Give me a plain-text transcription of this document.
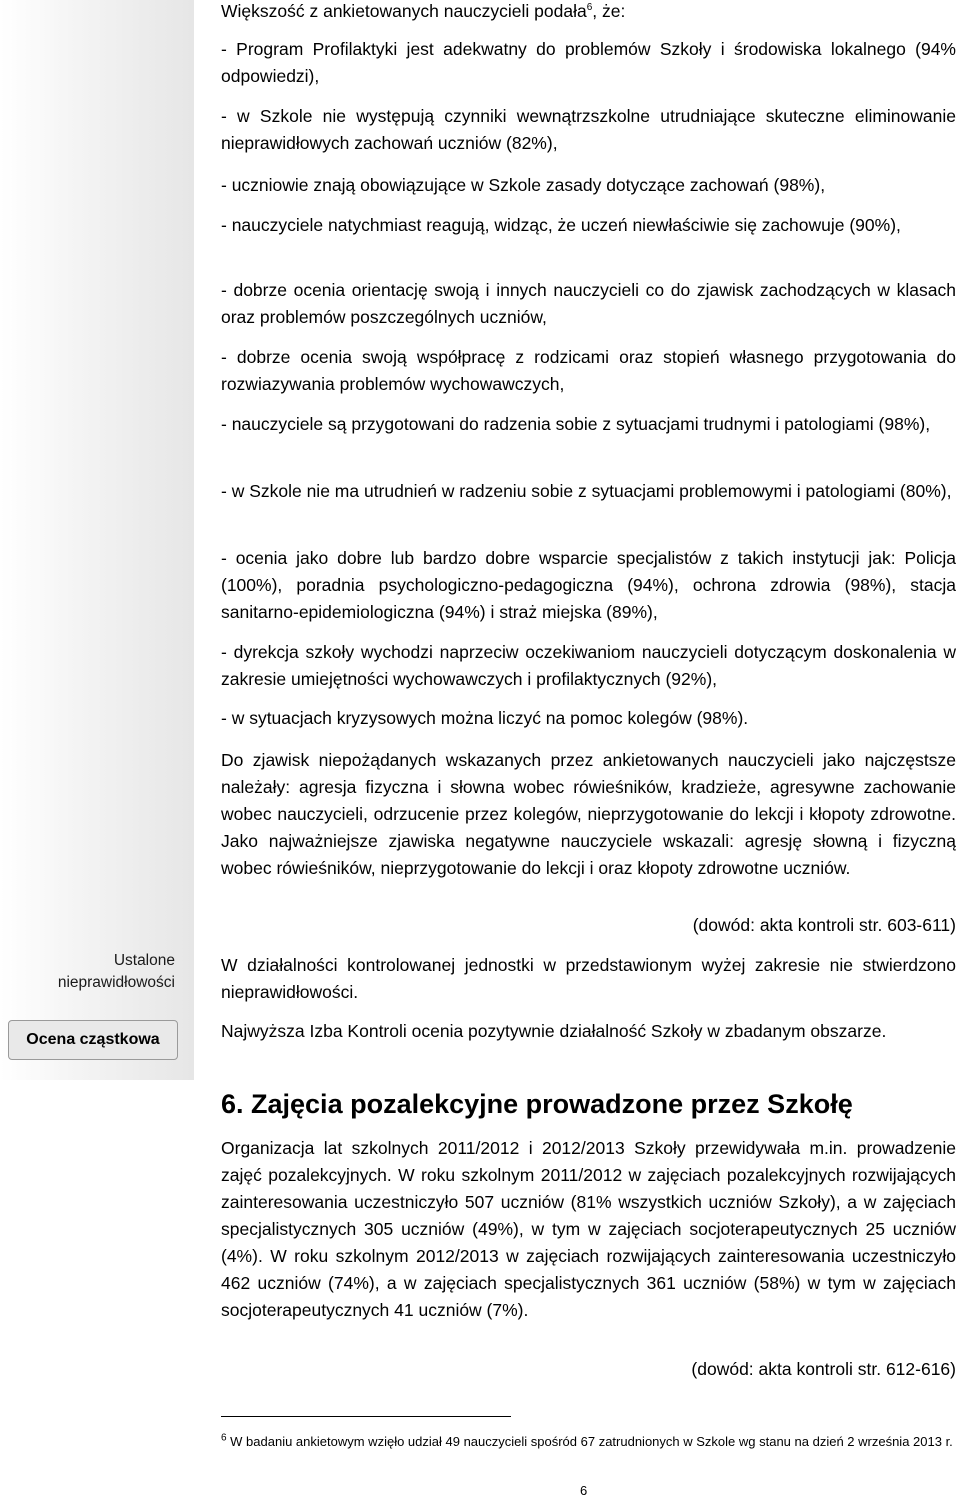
Ustalone
nieprawidłowości
Ocena cząstkowa
Większość z ankietowanych nauczycieli podała$^6$, że:
- Program Profilaktyki jest adekwatny do problemów Szkoły i środowiska lokalnego (94% odpowiedzi),
- w Szkole nie występują czynniki wewnątrzszkolne utrudniające skuteczne eliminowanie nieprawidłowych zachowań uczniów (82%),
- uczniowie znają obowiązujące w Szkole zasady dotyczące zachowań (98%),
- nauczyciele natychmiast reagują, widząc, że uczeń niewłaściwie się zachowuje (90%),
- dobrze ocenia orientację swoją i innych nauczycieli co do zjawisk zachodzących w klasach oraz problemów poszczególnych uczniów,
- dobrze ocenia swoją współpracę z rodzicami oraz stopień własnego przygotowania do rozwiazywania problemów wychowawczych,
- nauczyciele są przygotowani do radzenia sobie z sytuacjami trudnymi i patologiami (98%),
- w Szkole nie ma utrudnień w radzeniu sobie z sytuacjami problemowymi i patologiami (80%),
- ocenia jako dobre lub bardzo dobre wsparcie specjalistów z takich instytucji jak: Policja (100%), poradnia psychologiczno-pedagogiczna (94%), ochrona zdrowia (98%), stacja sanitarno-epidemiologiczna (94%) i straż miejska (89%),
- dyrekcja szkoły wychodzi naprzeciw oczekiwaniom nauczycieli dotyczącym doskonalenia w zakresie umiejętności wychowawczych i profilaktycznych (92%),
- w sytuacjach kryzysowych można liczyć na pomoc kolegów (98%).
Do zjawisk niepożądanych wskazanych przez ankietowanych nauczycieli jako najczęstsze należały: agresja fizyczna i słowna wobec rówieśników, kradzieże, agresywne zachowanie wobec nauczycieli, odrzucenie przez kolegów, nieprzygotowanie do lekcji i kłopoty zdrowotne. Jako najważniejsze zjawiska negatywne nauczyciele wskazali: agresję słowną i fizyczną wobec rówieśników, nieprzygotowanie do lekcji i oraz kłopoty zdrowotne uczniów.
(dowód: akta kontroli str. 603-611)
W działalności kontrolowanej jednostki w przedstawionym wyżej zakresie nie stwierdzono nieprawidłowości.
Najwyższa Izba Kontroli ocenia pozytywnie działalność Szkoły w zbadanym obszarze.
6. Zajęcia pozalekcyjne prowadzone przez Szkołę
Organizacja lat szkolnych 2011/2012 i 2012/2013 Szkoły przewidywała m.in. prowadzenie zajęć pozalekcyjnych. W roku szkolnym 2011/2012 w zajęciach pozalekcyjnych rozwijających zainteresowania uczestniczyło 507 uczniów (81% wszystkich uczniów Szkoły), a w zajęciach specjalistycznych 305 uczniów (49%), w tym w zajęciach socjoterapeutycznych 25 uczniów (4%). W roku szkolnym 2012/2013 w zajęciach rozwijających zainteresowania uczestniczyło 462 uczniów (74%), a w zajęciach specjalistycznych 361 uczniów (58%) w tym w zajęciach socjoterapeutycznych 41 uczniów (7%).
(dowód: akta kontroli str. 612-616)
$^6$ W badaniu ankietowym wzięło udział 49 nauczycieli spośród 67 zatrudnionych w Szkole wg stanu na dzień 2 września 2013 r.
6
